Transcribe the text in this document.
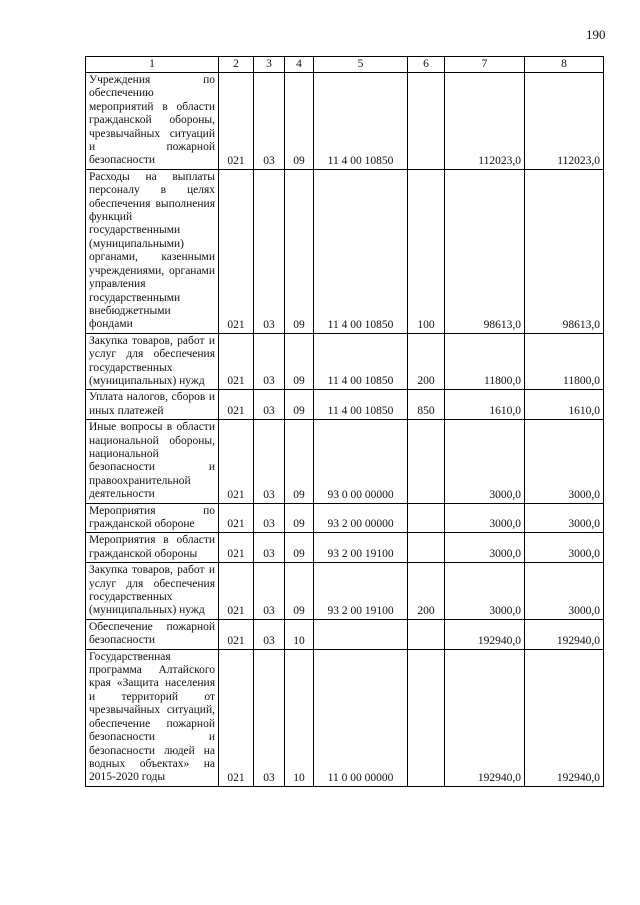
190
1	2	3	4	5	6	7	8
Учреждения по обеспечению мероприятий в области гражданской обороны, чрезвычайных ситуаций и пожарной безопасности	021	03	09	11 4 00 10850		112023,0	112023,0
Расходы на выплаты персоналу в целях обеспечения выполнения функций государственными (муниципальными) органами, казенными учреждениями, органами управления государственными внебюджетными фондами	021	03	09	11 4 00 10850	100	98613,0	98613,0
Закупка товаров, работ и услуг для обеспечения государственных (муниципальных) нужд	021	03	09	11 4 00 10850	200	11800,0	11800,0
Уплата налогов, сборов и иных платежей	021	03	09	11 4 00 10850	850	1610,0	1610,0
Иные вопросы в области национальной обороны, национальной безопасности и правоохранительной деятельности	021	03	09	93 0 00 00000		3000,0	3000,0
Мероприятия по гражданской обороне	021	03	09	93 2 00 00000		3000,0	3000,0
Мероприятия в области гражданской обороны	021	03	09	93 2 00 19100		3000,0	3000,0
Закупка товаров, работ и услуг для обеспечения государственных (муниципальных) нужд	021	03	09	93 2 00 19100	200	3000,0	3000,0
Обеспечение пожарной безопасности	021	03	10			192940,0	192940,0
Государственная программа Алтайского края «Защита населения и территорий от чрезвычайных ситуаций, обеспечение пожарной безопасности и безопасности людей на водных объектах» на 2015-2020 годы	021	03	10	11 0 00 00000		192940,0	192940,0
